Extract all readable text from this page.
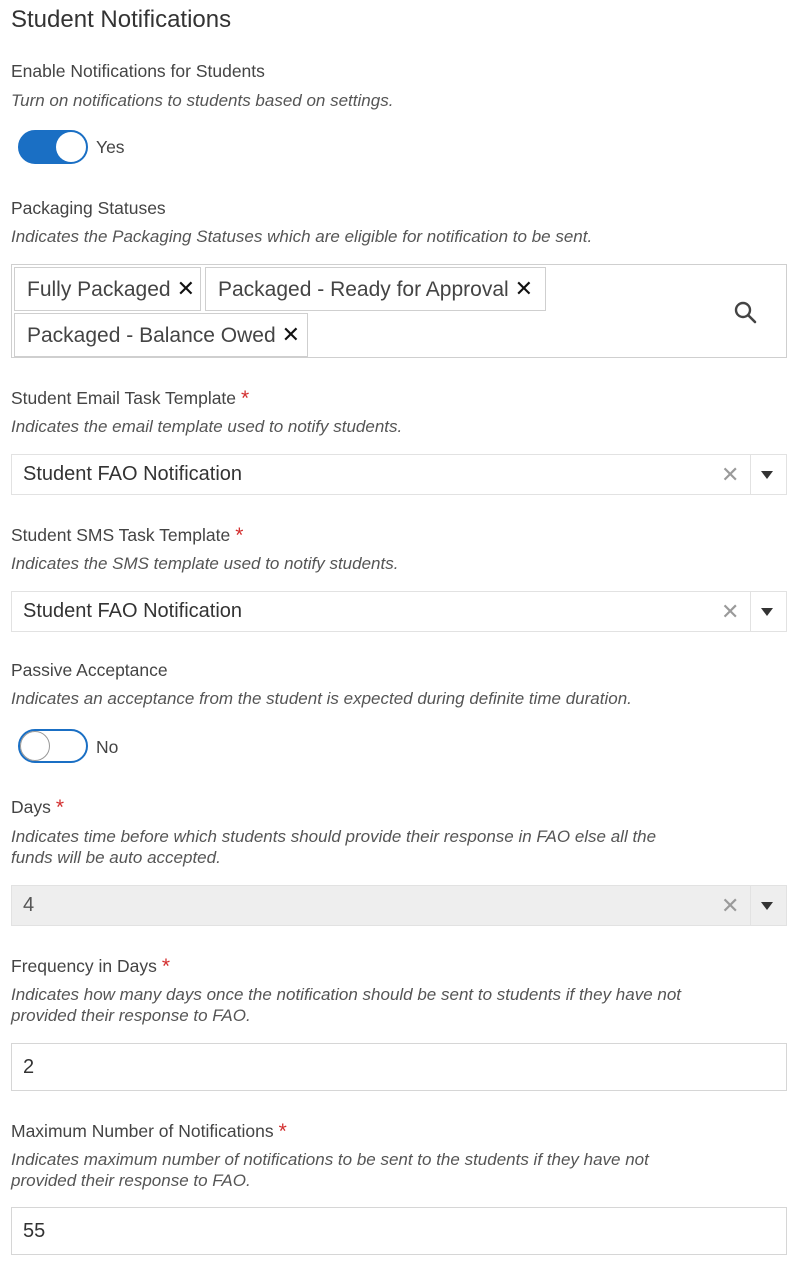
Student Notifications
Enable Notifications for Students
Turn on notifications to students based on settings.
Yes
Packaging Statuses
Indicates the Packaging Statuses which are eligible for notification to be sent.
Fully Packaged ✕	Packaged - Ready for Approval ✕
Packaged - Balance Owed ✕
Student Email Task Template *
Indicates the email template used to notify students.
Student FAO Notification	✕
Student SMS Task Template *
Indicates the SMS template used to notify students.
Student FAO Notification	✕
Passive Acceptance
Indicates an acceptance from the student is expected during definite time duration.
No
Days *
Indicates time before which students should provide their response in FAO else all the
funds will be auto accepted.
4	✕
Frequency in Days *
Indicates how many days once the notification should be sent to students if they have not
provided their response to FAO.
2
Maximum Number of Notifications *
Indicates maximum number of notifications to be sent to the students if they have not
provided their response to FAO.
55
